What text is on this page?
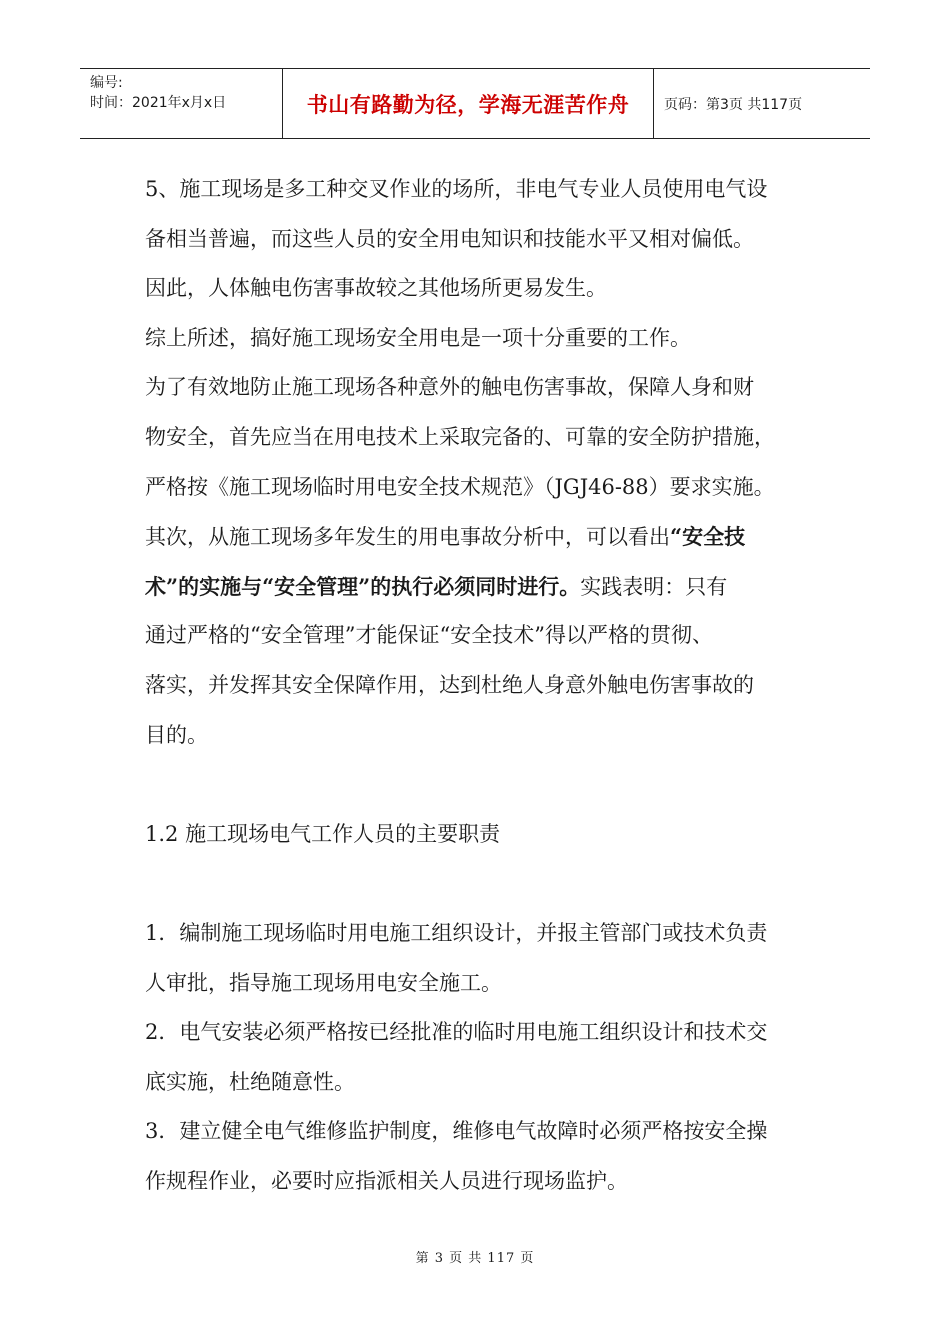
编号:
时间：2021年x月x日	书山有路勤为径，学海无涯苦作舟 页码：第3页 共117页
5、施工现场是多工种交叉作业的场所，非电气专业人员使用电气设
备相当普遍，而这些人员的安全用电知识和技能水平又相对偏低。
因此，人体触电伤害事故较之其他场所更易发生。
综上所述，搞好施工现场安全用电是一项十分重要的工作。
为了有效地防止施工现场各种意外的触电伤害事故，保障人身和财
物安全，首先应当在用电技术上采取完备的、可靠的安全防护措施，
严格按《施工现场临时用电安全技术规范》（JGJ46-88）要求实施。
其次，从施工现场多年发生的用电事故分析中，可以看出“安全技
术”的实施与“安全管理”的执行必须同时进行。实践表明：只有
通过严格的“安全管理”才能保证“安全技术”得以严格的贯彻、
落实，并发挥其安全保障作用，达到杜绝人身意外触电伤害事故的
目的。
1.2 施工现场电气工作人员的主要职责
1．编制施工现场临时用电施工组织设计，并报主管部门或技术负责
人审批，指导施工现场用电安全施工。
2．电气安装必须严格按已经批准的临时用电施工组织设计和技术交
底实施，杜绝随意性。
3．建立健全电气维修监护制度，维修电气故障时必须严格按安全操
作规程作业，必要时应指派相关人员进行现场监护。
第 3 页 共 117 页
